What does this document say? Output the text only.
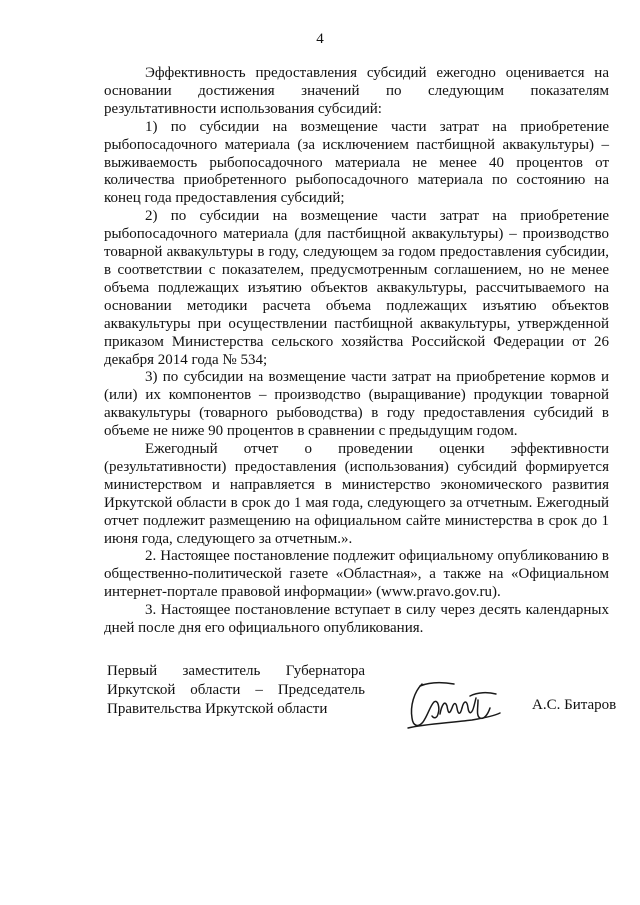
4

Эффективность предоставления субсидий ежегодно оценивается на основании достижения значений по следующим показателям результативности использования субсидий:

1) по субсидии на возмещение части затрат на приобретение рыбопосадочного материала (за исключением пастбищной аквакультуры) – выживаемость рыбопосадочного материала не менее 40 процентов от количества приобретенного рыбопосадочного материала по состоянию на конец года предоставления субсидий;

2) по субсидии на возмещение части затрат на приобретение рыбопосадочного материала (для пастбищной аквакультуры) – производство товарной аквакультуры в году, следующем за годом предоставления субсидии, в соответствии с показателем, предусмотренным соглашением, но не менее объема подлежащих изъятию объектов аквакультуры, рассчитываемого на основании методики расчета объема подлежащих изъятию объектов аквакультуры при осуществлении пастбищной аквакультуры, утвержденной приказом Министерства сельского хозяйства Российской Федерации от 26 декабря 2014 года № 534;

3) по субсидии на возмещение части затрат на приобретение кормов и (или) их компонентов – производство (выращивание) продукции товарной аквакультуры (товарного рыбоводства) в году предоставления субсидий в объеме не ниже 90 процентов в сравнении с предыдущим годом.

Ежегодный отчет о проведении оценки эффективности (результативности) предоставления (использования) субсидий формируется министерством и направляется в министерство экономического развития Иркутской области в срок до 1 мая года, следующего за отчетным. Ежегодный отчет подлежит размещению на официальном сайте министерства в срок до 1 июня года, следующего за отчетным.».

2. Настоящее постановление подлежит официальному опубликованию в общественно-политической газете «Областная», а также на «Официальном интернет-портале правовой информации» (www.pravo.gov.ru).

3. Настоящее постановление вступает в силу через десять календарных дней после дня его официального опубликования.

Первый заместитель Губернатора
Иркутской области – Председатель
Правительства Иркутской области	А.С. Битаров
